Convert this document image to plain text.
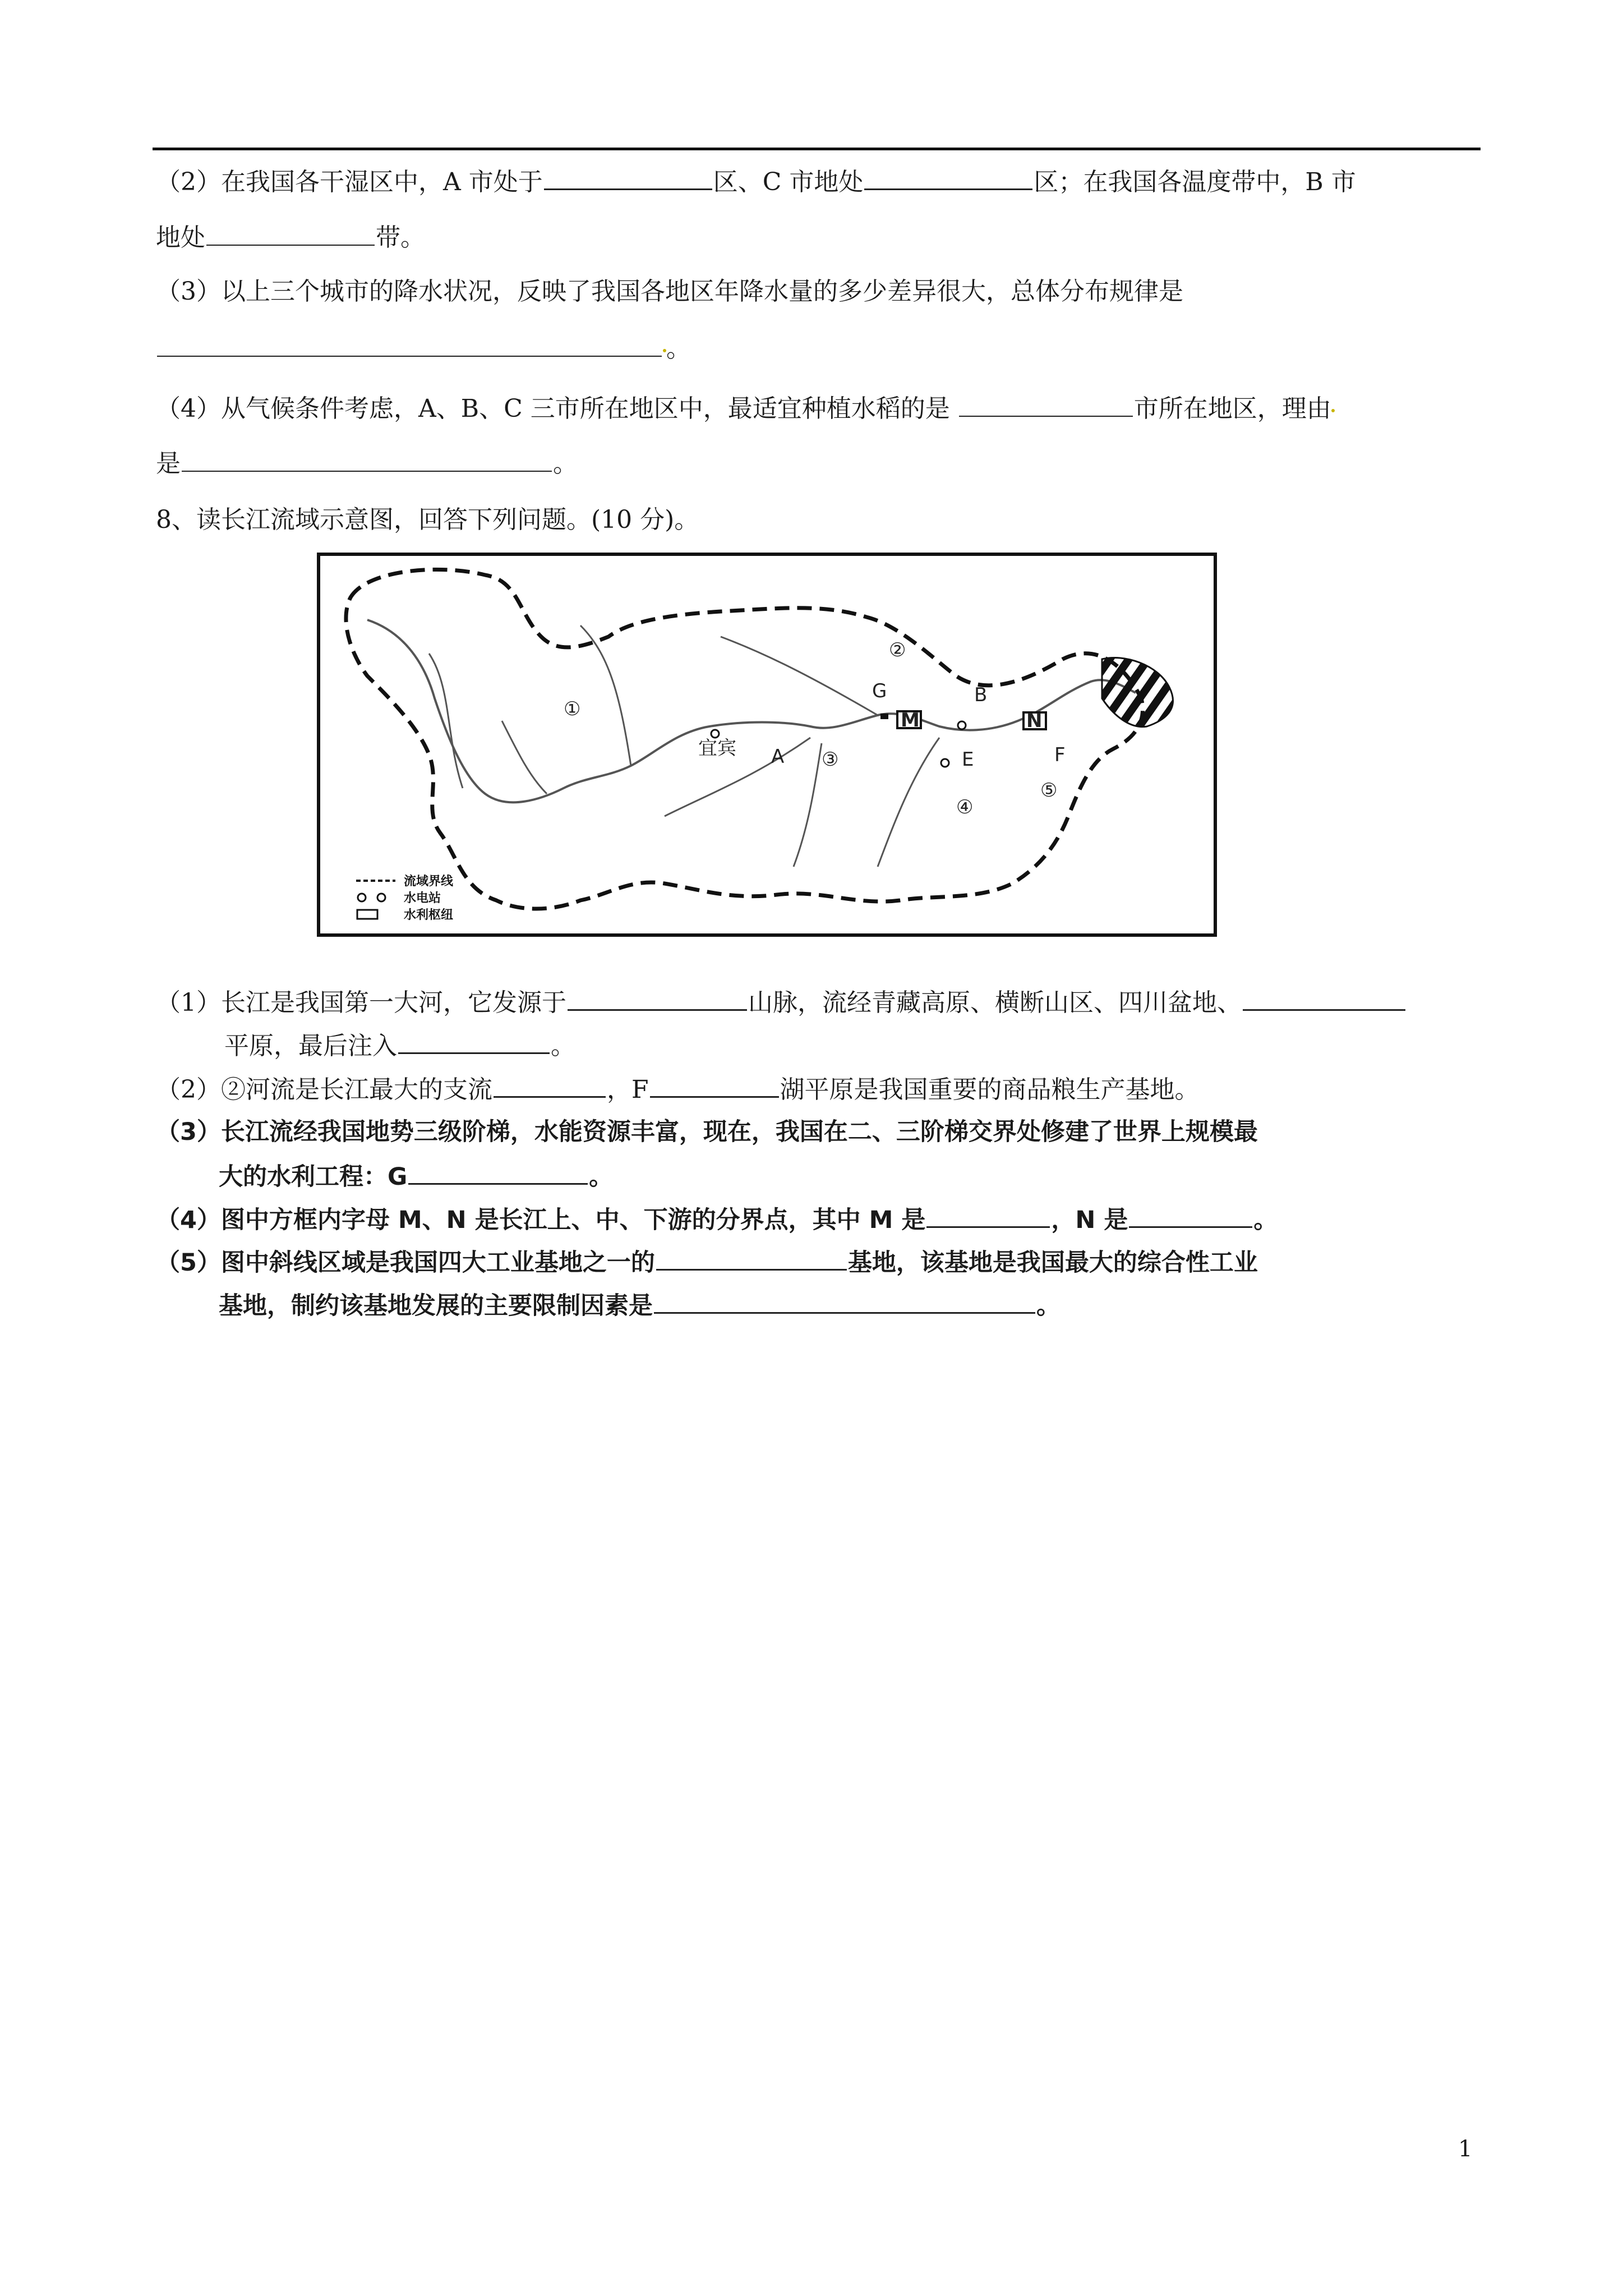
（2）在我国各干湿区中，A 市处于	区、C 市地处	区；在我国各温度带中，B 市
地处	带。
（3）以上三个城市的降水状况，反映了我国各地区年降水量的多少差异很大，总体分布规律是
。
（4）从气候条件考虑，A、B、C 三市所在地区中，最适宜种植水稻的是	市所在地区，理由
是	。
8、读长江流域示意图，回答下列问题。(10 分)。
①
②
③
④
⑤
A
B
E	F
G
M	N
宜宾
流域界线
水电站
水利枢纽
（1）长江是我国第一大河，它发源于	山脉，流经青藏高原、横断山区、四川盆地、
平原，最后注入	。
（2）②河流是长江最大的支流	，F	湖平原是我国重要的商品粮生产基地。
（3）长江流经我国地势三级阶梯，水能资源丰富，现在，我国在二、三阶梯交界处修建了世界上规模最
大的水利工程：G	。
（4）图中方框内字母 M、N 是长江上、中、下游的分界点，其中 M 是	，N 是	。
（5）图中斜线区域是我国四大工业基地之一的	基地，该基地是我国最大的综合性工业
基地，制约该基地发展的主要限制因素是	。
1
